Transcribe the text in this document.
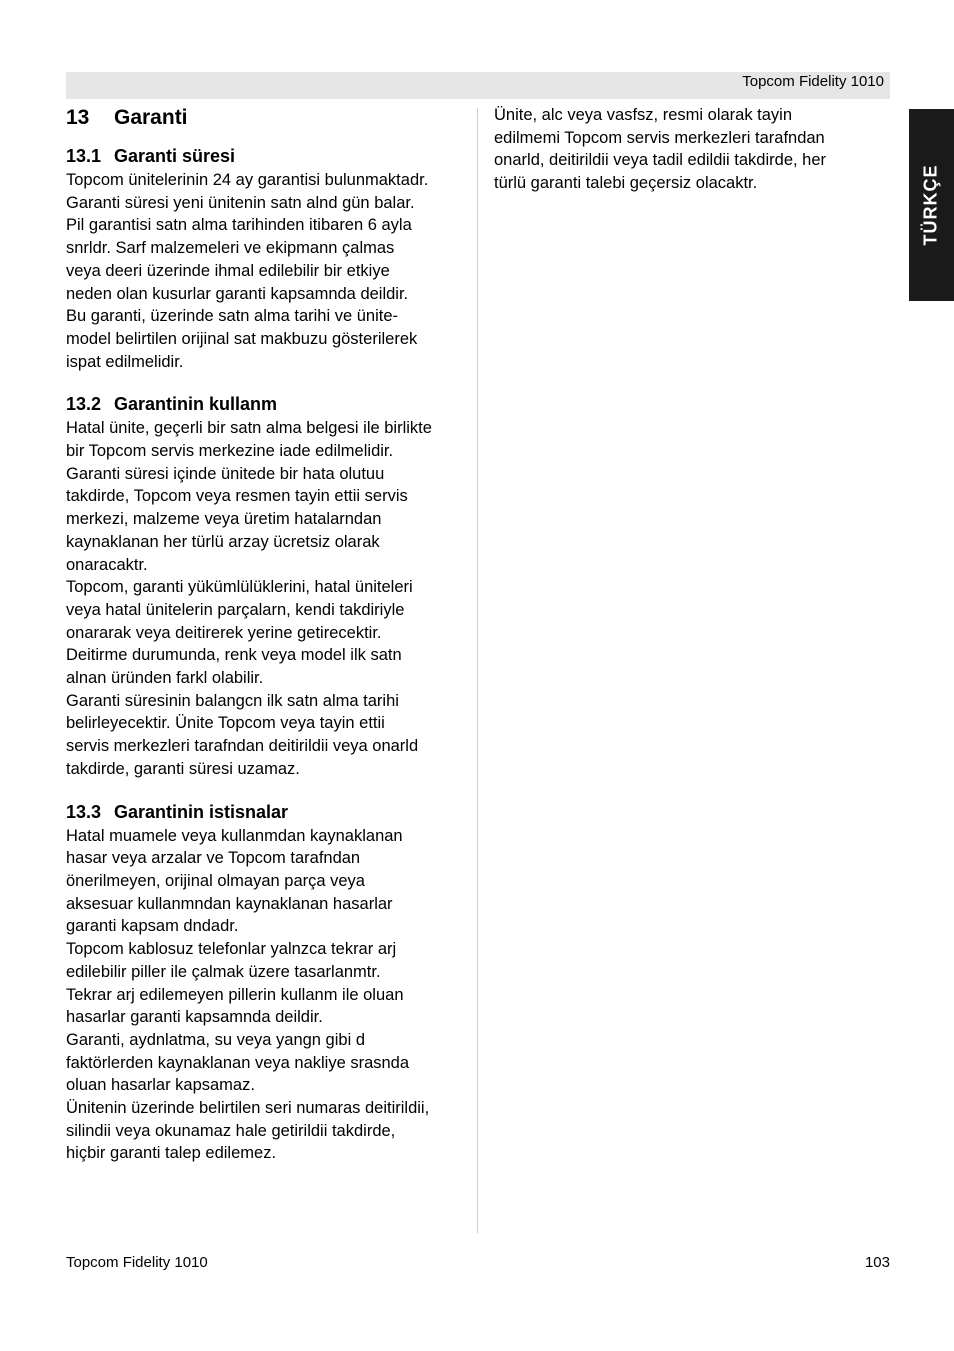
Topcom Fidelity 1010
TÜRKÇE
13 Garanti
13.1 Garanti süresi

Topcom ünitelerinin 24 ay garantisi bulunmaktadr.
Garanti süresi yeni ünitenin satn alnd gün balar.
Pil garantisi satn alma tarihinden itibaren 6 ayla
snrldr. Sarf malzemeleri ve ekipmann çalmas
veya deeri üzerinde ihmal edilebilir bir etkiye
neden olan kusurlar garanti kapsamnda deildir.
Bu garanti, üzerinde satn alma tarihi ve ünite-
model belirtilen orijinal sat makbuzu gösterilerek
ispat edilmelidir.

13.2 Garantinin kullanm

Hatal ünite, geçerli bir satn alma belgesi ile birlikte
bir Topcom servis merkezine iade edilmelidir.
Garanti süresi içinde ünitede bir hata olutuu
takdirde, Topcom veya resmen tayin ettii servis
merkezi, malzeme veya üretim hatalarndan
kaynaklanan her türlü arzay ücretsiz olarak
onaracaktr.
Topcom, garanti yükümlülüklerini, hatal üniteleri
veya hatal ünitelerin parçalarn, kendi takdiriyle
onararak veya deitirerek yerine getirecektir.
Deitirme durumunda, renk veya model ilk satn
alnan üründen farkl olabilir.
Garanti süresinin balangcn ilk satn alma tarihi
belirleyecektir. Ünite Topcom veya tayin ettii
servis merkezleri tarafndan deitirildii veya onarld
takdirde, garanti süresi uzamaz.

13.3 Garantinin istisnalar

Hatal muamele veya kullanmdan kaynaklanan
hasar veya arzalar ve Topcom tarafndan
önerilmeyen, orijinal olmayan parça veya
aksesuar kullanmndan kaynaklanan hasarlar
garanti kapsam dndadr.
Topcom kablosuz telefonlar yalnzca tekrar arj
edilebilir piller ile çalmak üzere tasarlanmtr.
Tekrar arj edilemeyen pillerin kullanm ile oluan
hasarlar garanti kapsamnda deildir.
Garanti, aydnlatma, su veya yangn gibi d
faktörlerden kaynaklanan veya nakliye srasnda
oluan hasarlar kapsamaz.
Ünitenin üzerinde belirtilen seri numaras deitirildii,
silindii veya okunamaz hale getirildii takdirde,
hiçbir garanti talep edilemez.

Ünite, alc veya vasfsz, resmi olarak tayin
edilmemi Topcom servis merkezleri tarafndan
onarld, deitirildii veya tadil edildii takdirde, her
türlü garanti talebi geçersiz olacaktr.

Topcom Fidelity 1010	103
